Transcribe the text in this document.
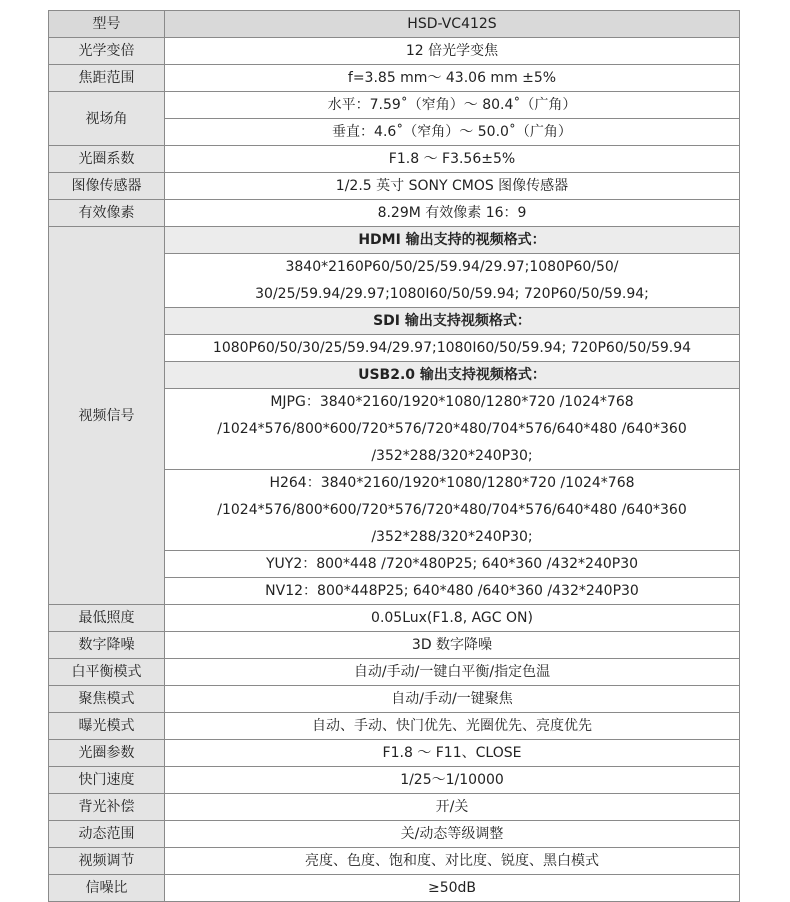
型号	HSD-VC412S
光学变倍	12 倍光学变焦
焦距范围	f=3.85 mm～ 43.06 mm ±5%
视场角	水平：7.59˚（窄角）～ 80.4˚（广角）
	垂直：4.6˚（窄角）～ 50.0˚（广角）
光圈系数	F1.8 ～ F3.56±5%
图像传感器	1/2.5 英寸 SONY CMOS 图像传感器
有效像素	8.29M 有效像素 16：9
视频信号	HDMI 输出支持的视频格式：

	3840*2160P60/50/25/59.94/29.97;1080P60/50/
30/25/59.94/29.97;1080I60/50/59.94; 720P60/50/59.94;

	SDI 输出支持视频格式：
	1080P60/50/30/25/59.94/29.97;1080I60/50/59.94; 720P60/50/59.94
	USB2.0 输出支持视频格式：

	MJPG：3840*2160/1920*1080/1280*720 /1024*768
/1024*576/800*600/720*576/720*480/704*576/640*480 /640*360
/352*288/320*240P30;

	H264：3840*2160/1920*1080/1280*720 /1024*768
/1024*576/800*600/720*576/720*480/704*576/640*480 /640*360
/352*288/320*240P30;

	YUY2：800*448 /720*480P25; 640*360 /432*240P30
	NV12：800*448P25; 640*480 /640*360 /432*240P30
最低照度	0.05Lux(F1.8, AGC ON)
数字降噪	3D 数字降噪
白平衡模式	自动/手动/一键白平衡/指定色温
聚焦模式	自动/手动/一键聚焦
曝光模式	自动、手动、快门优先、光圈优先、亮度优先
光圈参数	F1.8 ～ F11、CLOSE
快门速度	1/25～1/10000
背光补偿	开/关
动态范围	关/动态等级调整
视频调节	亮度、色度、饱和度、对比度、锐度、黑白模式
信噪比	≥50dB
